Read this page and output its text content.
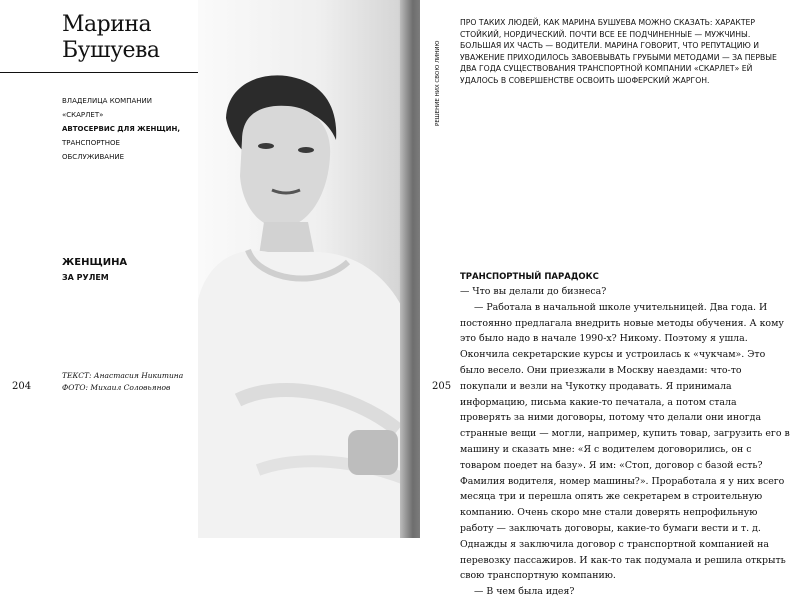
Марина
Бушуева
ВЛАДЕЛИЦА КОМПАНИИ
«СКАРЛЕТ»
АВТОСЕРВИС ДЛЯ ЖЕНЩИН,
ТРАНСПОРТНОЕ
ОБСЛУЖИВАНИЕ
ЖЕНЩИНА
ЗА РУЛЕМ
ТЕКСТ: Анастасия Никитина
ФОТО: Михаил Соловьянов
204
РЕШЕНИЕ НИХ СВОЮ ЛИНИЮ
205
ПРО ТАКИХ ЛЮДЕЙ, КАК МАРИНА БУШУЕВА МОЖНО СКАЗАТЬ: ХАРАКТЕР СТОЙКИЙ, НОРДИЧЕСКИЙ. ПОЧТИ ВСЕ ЕЕ ПОДЧИНЕННЫЕ — МУЖЧИНЫ. БОЛЬШАЯ ИХ ЧАСТЬ — ВОДИТЕЛИ. МАРИНА ГОВОРИТ, ЧТО РЕПУТАЦИЮ И УВАЖЕНИЕ ПРИХОДИЛОСЬ ЗАВОЕВЫВАТЬ ГРУБЫМИ МЕТОДАМИ — ЗА ПЕРВЫЕ ДВА ГОДА СУЩЕСТВОВАНИЯ ТРАНСПОРТНОЙ КОМПАНИИ «СКАРЛЕТ» ЕЙ УДАЛОСЬ В СОВЕРШЕНСТВЕ ОСВОИТЬ ШОФЕРСКИЙ ЖАРГОН.
ТРАНСПОРТНЫЙ ПАРАДОКС

— Что вы делали до бизнеса?

— Работала в начальной школе учительницей. Два года. И постоянно предлагала внедрить новые методы обучения. А кому это было надо в начале 1990-х? Никому. Поэтому я ушла. Окончила секретарские курсы и устроилась к «чукчам». Это было весело. Они приезжали в Москву наездами: что-то покупали и везли на Чукотку продавать. Я принимала информацию, письма какие-то печатала, а потом стала проверять за ними договоры, потому что делали они иногда странные вещи — могли, например, купить товар, загрузить его в машину и сказать мне: «Я с водителем договорились, он с товаром поедет на базу». Я им: «Стоп, договор с базой есть? Фамилия водителя, номер машины?». Проработала я у них всего месяца три и перешла опять же секретарем в строительную компанию. Очень скоро мне стали доверять непрофильную работу — заключать договоры, какие-то бумаги вести и т. д. Однажды я заключила договор с транспортной компанией на перевозку пассажиров. И как-то так подумала и решила открыть свою транспортную компанию.

— В чем была идея?
